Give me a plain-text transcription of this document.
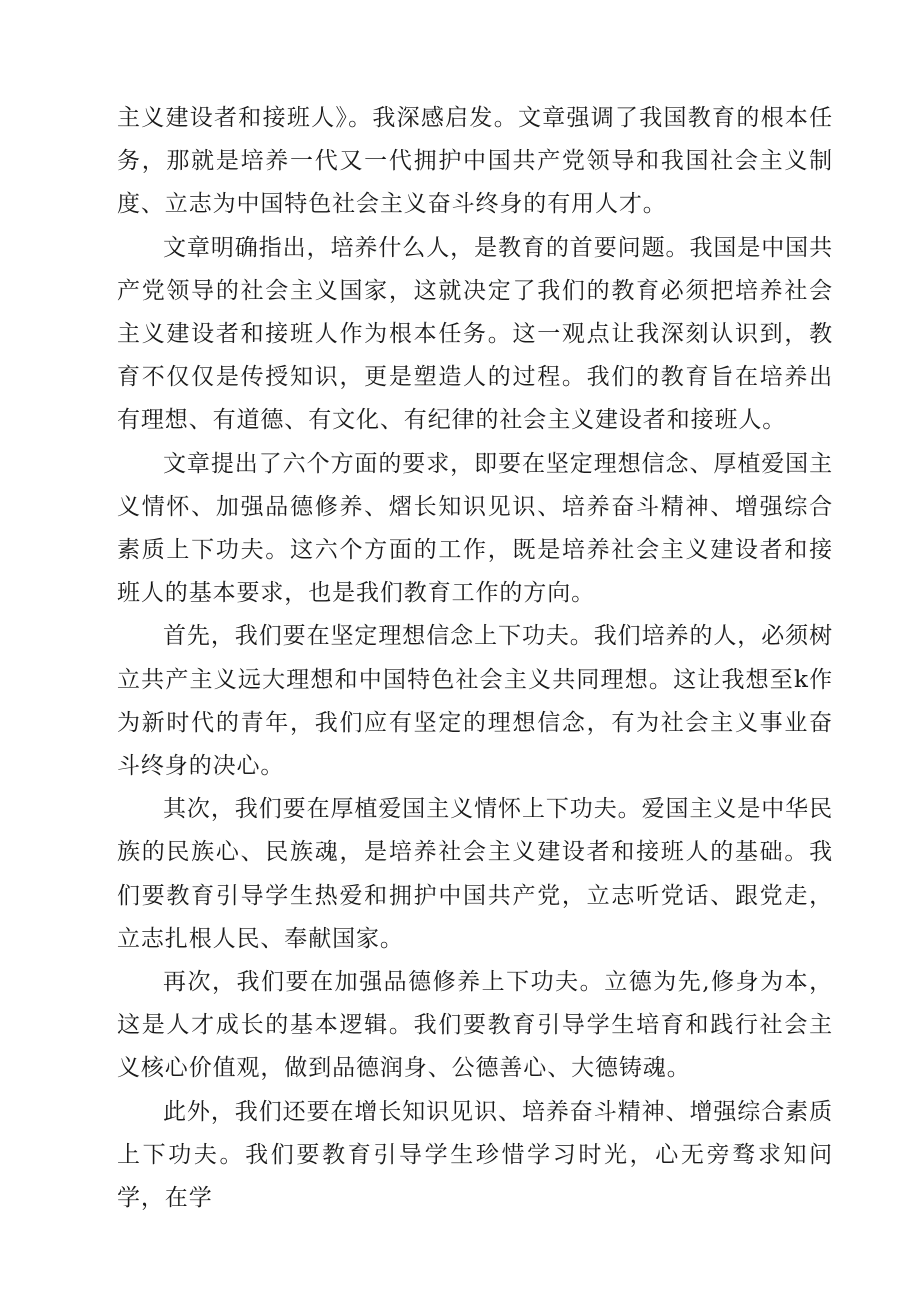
主义建设者和接班人》。我深感启发。文章强调了我国教育的根本任务，那就是培养一代又一代拥护中国共产党领导和我国社会主义制度、立志为中国特色社会主义奋斗终身的有用人才。

文章明确指出，培养什么人，是教育的首要问题。我国是中国共产党领导的社会主义国家，这就决定了我们的教育必须把培养社会主义建设者和接班人作为根本任务。这一观点让我深刻认识到，教育不仅仅是传授知识，更是塑造人的过程。我们的教育旨在培养出有理想、有道德、有文化、有纪律的社会主义建设者和接班人。

文章提出了六个方面的要求，即要在坚定理想信念、厚植爱国主义情怀、加强品德修养、熠长知识见识、培养奋斗精神、增强综合素质上下功夫。这六个方面的工作，既是培养社会主义建设者和接班人的基本要求，也是我们教育工作的方向。

首先，我们要在坚定理想信念上下功夫。我们培养的人，必须树立共产主义远大理想和中国特色社会主义共同理想。这让我想至k作为新时代的青年，我们应有坚定的理想信念，有为社会主义事业奋斗终身的决心。

其次，我们要在厚植爱国主义情怀上下功夫。爱国主义是中华民族的民族心、民族魂，是培养社会主义建设者和接班人的基础。我们要教育引导学生热爱和拥护中国共产党，立志听党话、跟党走，立志扎根人民、奉献国家。

再次，我们要在加强品德修养上下功夫。立德为先,修身为本，这是人才成长的基本逻辑。我们要教育引导学生培育和践行社会主义核心价值观，做到品德润身、公德善心、大德铸魂。

此外，我们还要在增长知识见识、培养奋斗精神、增强综合素质上下功夫。我们要教育引导学生珍惜学习时光，心无旁骛求知问学，在学
